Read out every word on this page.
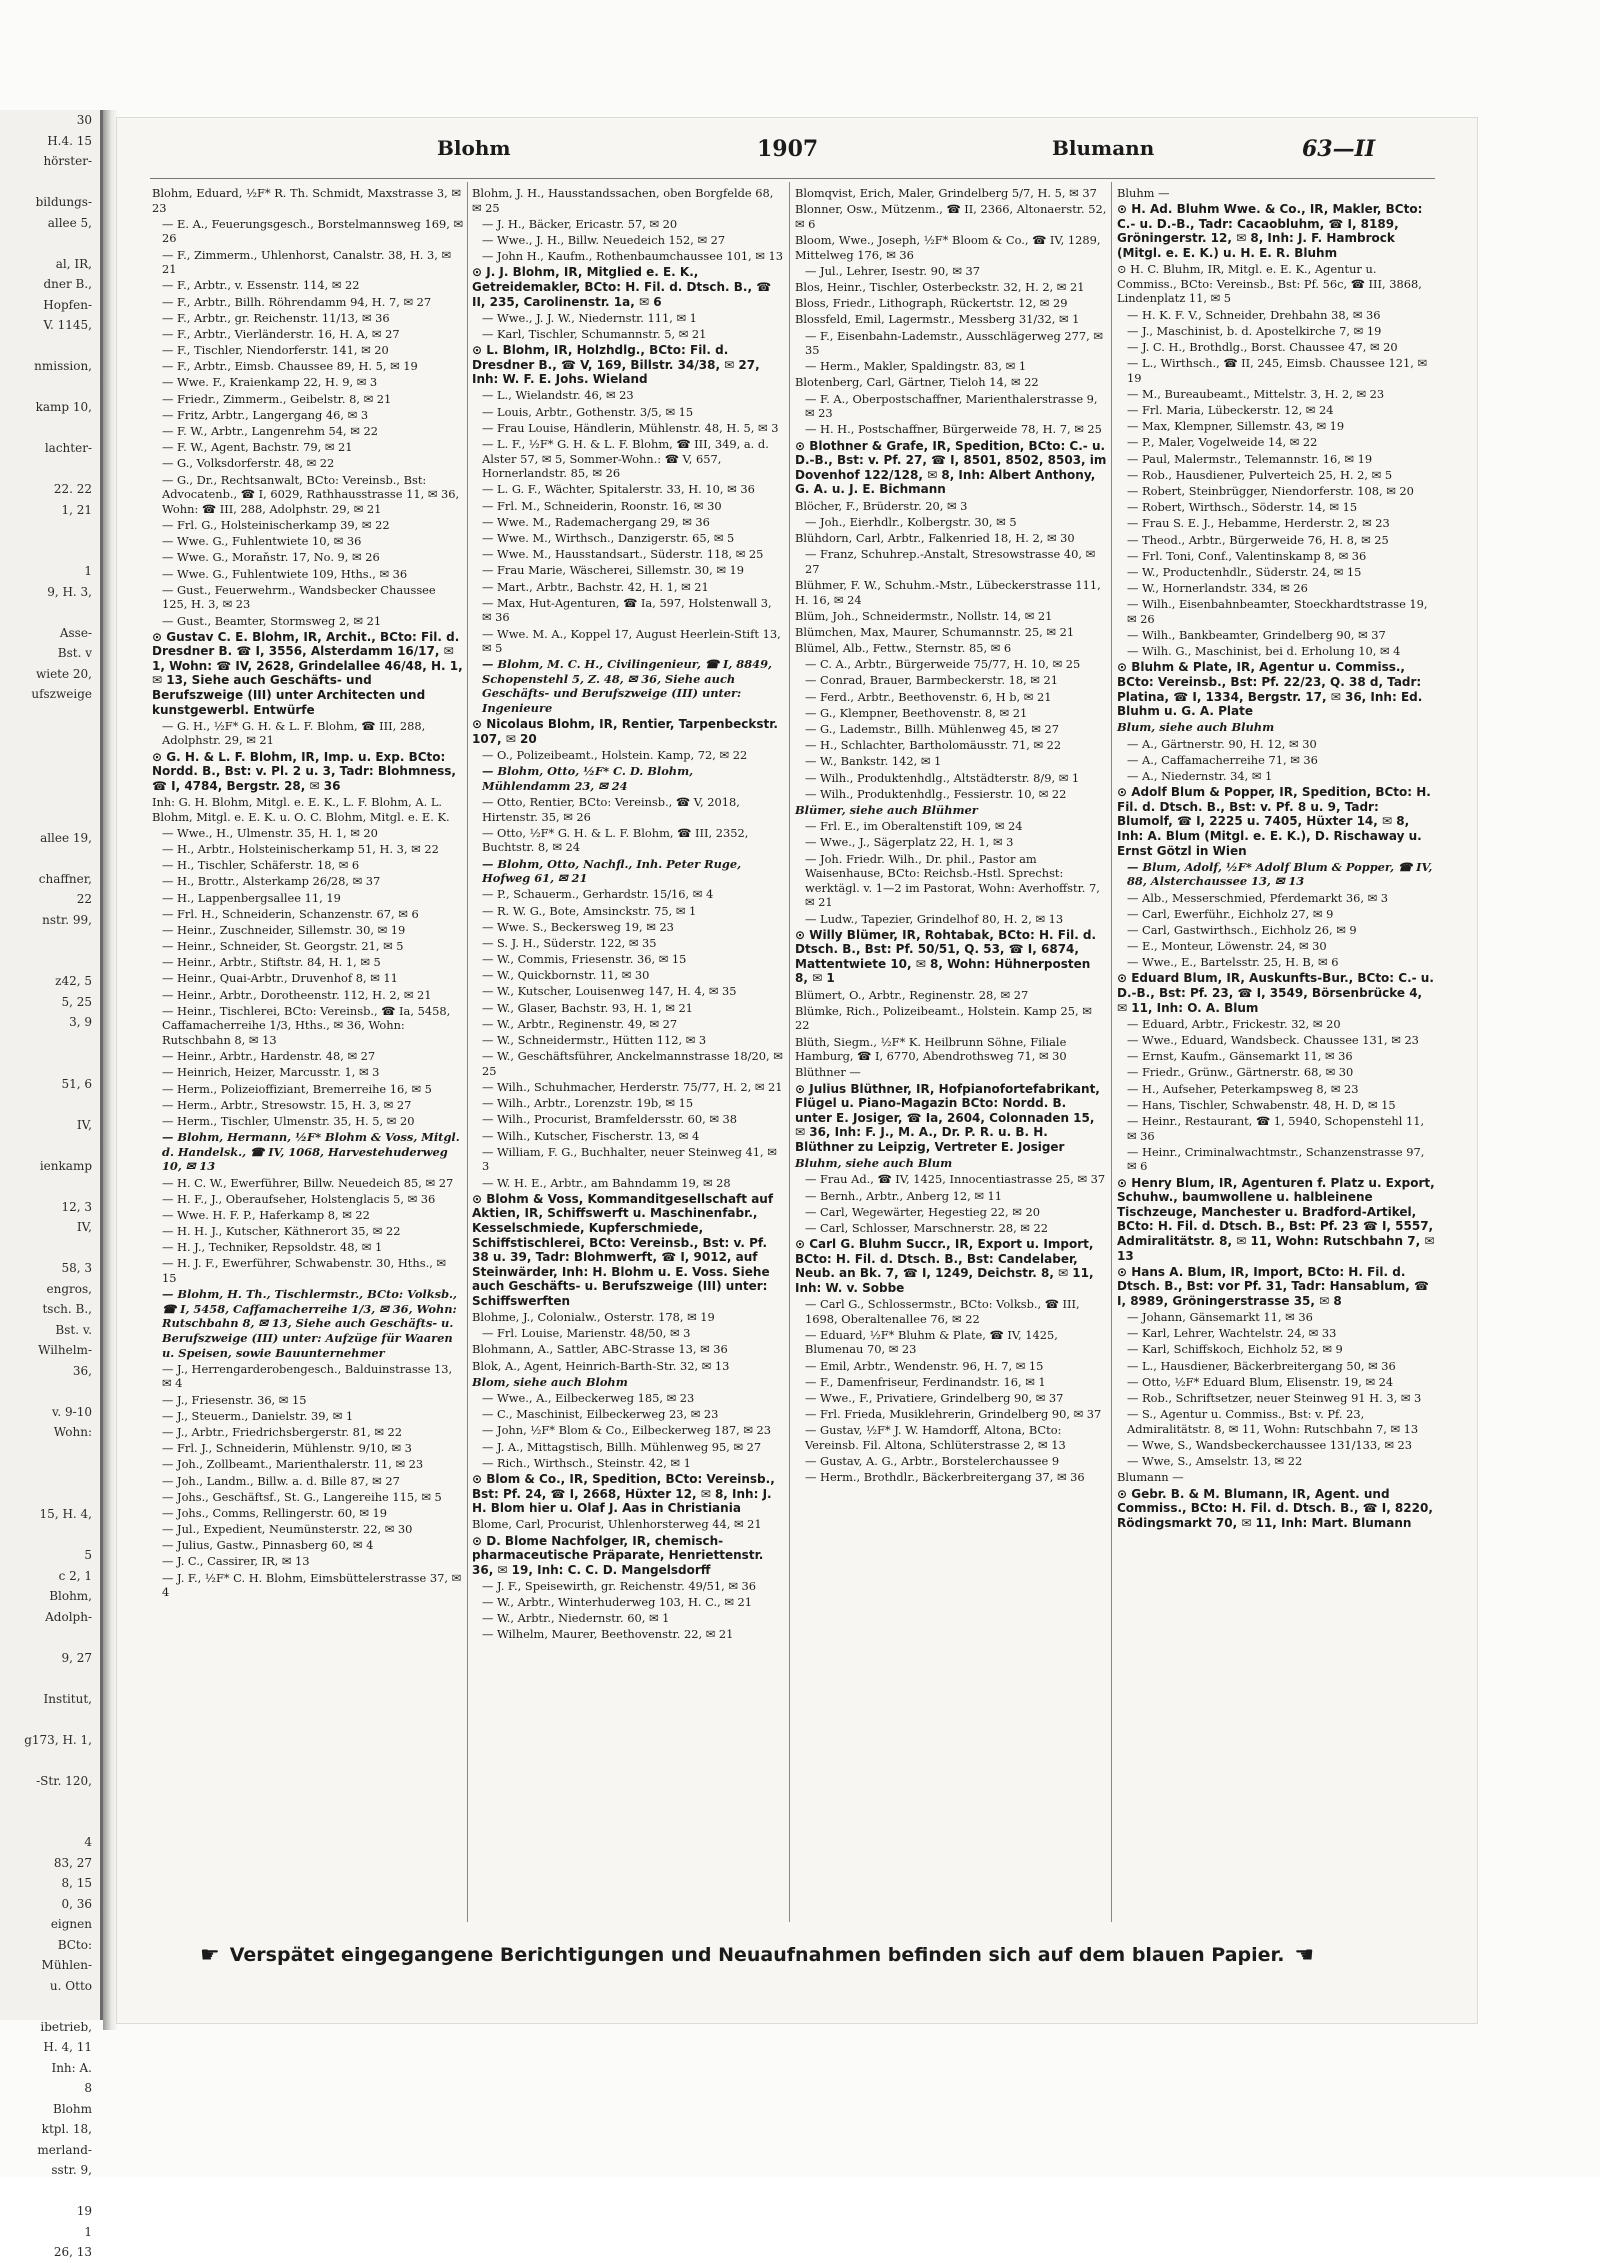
30
H.4. 15
hörster-

bildungs-
allee 5,

al, IR,
dner B.,
Hopfen-
V. 1145,

nmission,

kamp 10,

lachter-

22. 22
1, 21

1
9, H. 3,

Asse-
Bst. v
wiete 20,
ufszweige

allee 19,

chaffner,
22
nstr. 99,

z42, 5
5, 25
3, 9

51, 6

IV,

ienkamp

12, 3
IV,

58, 3
engros,
tsch. B.,
Bst. v.
Wilhelm-
36,

v. 9-10
Wohn:

15, H. 4,

5
c 2, 1
Blohm,
Adolph-

9, 27

Institut,

g173, H. 1,

-Str. 120,

4
83, 27
8, 15
0, 36
eignen
BCto:
Mühlen-
u. Otto

ibetrieb,
H. 4, 11
Inh: A.
8
Blohm
ktpl. 18,
merland-
sstr. 9,

19
1
26, 13
Blohm	1907	Blumann	63—II
Blohm, Eduard, ½F* R. Th. Schmidt, Maxstrasse 3, ✉ 23
— E. A., Feuerungsgesch., Borstelmannsweg 169, ✉ 26
— F., Zimmerm., Uhlenhorst, Canalstr. 38, H. 3, ✉ 21
— F., Arbtr., v. Essenstr. 114, ✉ 22
— F., Arbtr., Billh. Röhrendamm 94, H. 7, ✉ 27
— F., Arbtr., gr. Reichenstr. 11/13, ✉ 36
— F., Arbtr., Vierländerstr. 16, H. A, ✉ 27
— F., Tischler, Niendorferstr. 141, ✉ 20
— F., Arbtr., Eimsb. Chaussee 89, H. 5, ✉ 19
— Wwe. F., Kraienkamp 22, H. 9, ✉ 3
— Friedr., Zimmerm., Geibelstr. 8, ✉ 21
— Fritz, Arbtr., Langergang 46, ✉ 3
— F. W., Arbtr., Langenrehm 54, ✉ 22
— F. W., Agent, Bachstr. 79, ✉ 21
— G., Volksdorferstr. 48, ✉ 22
— G., Dr., Rechtsanwalt, BCto: Vereinsb., Bst: Advocatenb., ☎ I, 6029, Rathhausstrasse 11, ✉ 36, Wohn: ☎ III, 288, Adolphstr. 29, ✉ 21
— Frl. G., Holsteinischerkamp 39, ✉ 22
— Wwe. G., Fuhlentwiete 10, ✉ 36
— Wwe. G., Moraňstr. 17, No. 9, ✉ 26
— Wwe. G., Fuhlentwiete 109, Hths., ✉ 36
— Gust., Feuerwehrm., Wandsbecker Chaussee 125, H. 3, ✉ 23
— Gust., Beamter, Stormsweg 2, ✉ 21
⊙ Gustav C. E. Blohm, IR, Archit., BCto: Fil. d. Dresdner B. ☎ I, 3556, Alsterdamm 16/17, ✉ 1, Wohn: ☎ IV, 2628, Grindelallee 46/48, H. 1, ✉ 13, Siehe auch Geschäfts- und Berufszweige (III) unter Architecten und kunstgewerbl. Entwürfe
— G. H., ½F* G. H. & L. F. Blohm, ☎ III, 288, Adolphstr. 29, ✉ 21
⊙ G. H. & L. F. Blohm, IR, Imp. u. Exp. BCto: Nordd. B., Bst: v. Pl. 2 u. 3, Tadr: Blohmness, ☎ I, 4784, Bergstr. 28, ✉ 36
Inh: G. H. Blohm, Mitgl. e. E. K., L. F. Blohm, A. L. Blohm, Mitgl. e. E. K. u. O. C. Blohm, Mitgl. e. E. K.
— Wwe., H., Ulmenstr. 35, H. 1, ✉ 20
— H., Arbtr., Holsteinischerkamp 51, H. 3, ✉ 22
— H., Tischler, Schäferstr. 18, ✉ 6
— H., Brottr., Alsterkamp 26/28, ✉ 37
— H., Lappenbergsallee 11, 19
— Frl. H., Schneiderin, Schanzenstr. 67, ✉ 6
— Heinr., Zuschneider, Sillemstr. 30, ✉ 19
— Heinr., Schneider, St. Georgstr. 21, ✉ 5
— Heinr., Arbtr., Stiftstr. 84, H. 1, ✉ 5
— Heinr., Quai-Arbtr., Druvenhof 8, ✉ 11
— Heinr., Arbtr., Dorotheenstr. 112, H. 2, ✉ 21
— Heinr., Tischlerei, BCto: Vereinsb., ☎ Ia, 5458, Caffamacherreihe 1/3, Hths., ✉ 36, Wohn: Rutschbahn 8, ✉ 13
— Heinr., Arbtr., Hardenstr. 48, ✉ 27
— Heinrich, Heizer, Marcusstr. 1, ✉ 3
— Herm., Polizeioffiziant, Bremerreihe 16, ✉ 5
— Herm., Arbtr., Stresowstr. 15, H. 3, ✉ 27
— Herm., Tischler, Ulmenstr. 35, H. 5, ✉ 20
— Blohm, Hermann, ½F* Blohm & Voss, Mitgl. d. Handelsk., ☎ IV, 1068, Harvestehuderweg 10, ✉ 13
— H. C. W., Ewerführer, Billw. Neuedeich 85, ✉ 27
— H. F., J., Oberaufseher, Holstenglacis 5, ✉ 36
— Wwe. H. F. P., Haferkamp 8, ✉ 22
— H. H. J., Kutscher, Käthnerort 35, ✉ 22
— H. J., Techniker, Repsoldstr. 48, ✉ 1
— H. J. F., Ewerführer, Schwabenstr. 30, Hths., ✉ 15
— Blohm, H. Th., Tischlermstr., BCto: Volksb., ☎ I, 5458, Caffamacherreihe 1/3, ✉ 36, Wohn: Rutschbahn 8, ✉ 13, Siehe auch Geschäfts- u. Berufszweige (III) unter: Aufzüge für Waaren u. Speisen, sowie Bauunternehmer
— J., Herrengarderobengesch., Balduinstrasse 13, ✉ 4
— J., Friesenstr. 36, ✉ 15
— J., Steuerm., Danielstr. 39, ✉ 1
— J., Arbtr., Friedrichsbergerstr. 81, ✉ 22
— Frl. J., Schneiderin, Mühlenstr. 9/10, ✉ 3
— Joh., Zollbeamt., Marienthalerstr. 11, ✉ 23
— Joh., Landm., Billw. a. d. Bille 87, ✉ 27
— Johs., Geschäftsf., St. G., Langereihe 115, ✉ 5
— Johs., Comms, Rellingerstr. 60, ✉ 19
— Jul., Expedient, Neumünsterstr. 22, ✉ 30
— Julius, Gastw., Pinnasberg 60, ✉ 4
— J. C., Cassirer, IR, ✉ 13
— J. F., ½F* C. H. Blohm, Eimsbüttelerstrasse 37, ✉ 4
Blohm, J. H., Hausstandssachen, oben Borgfelde 68, ✉ 25
— J. H., Bäcker, Ericastr. 57, ✉ 20
— Wwe., J. H., Billw. Neuedeich 152, ✉ 27
— John H., Kaufm., Rothenbaumchaussee 101, ✉ 13
⊙ J. J. Blohm, IR, Mitglied e. E. K., Getreidemakler, BCto: H. Fil. d. Dtsch. B., ☎ II, 235, Carolinenstr. 1a, ✉ 6
— Wwe., J. J. W., Niedernstr. 111, ✉ 1
— Karl, Tischler, Schumannstr. 5, ✉ 21
⊙ L. Blohm, IR, Holzhdlg., BCto: Fil. d. Dresdner B., ☎ V, 169, Billstr. 34/38, ✉ 27, Inh: W. F. E. Johs. Wieland
— L., Wielandstr. 46, ✉ 23
— Louis, Arbtr., Gothenstr. 3/5, ✉ 15
— Frau Louise, Händlerin, Mühlenstr. 48, H. 5, ✉ 3
— L. F., ½F* G. H. & L. F. Blohm, ☎ III, 349, a. d. Alster 57, ✉ 5, Sommer-Wohn.: ☎ V, 657, Hornerlandstr. 85, ✉ 26
— L. G. F., Wächter, Spitalerstr. 33, H. 10, ✉ 36
— Frl. M., Schneiderin, Roonstr. 16, ✉ 30
— Wwe. M., Rademachergang 29, ✉ 36
— Wwe. M., Wirthsch., Danzigerstr. 65, ✉ 5
— Wwe. M., Hausstandsart., Süderstr. 118, ✉ 25
— Frau Marie, Wäscherei, Sillemstr. 30, ✉ 19
— Mart., Arbtr., Bachstr. 42, H. 1, ✉ 21
— Max, Hut-Agenturen, ☎ Ia, 597, Holstenwall 3, ✉ 36
— Wwe. M. A., Koppel 17, August Heerlein-Stift 13, ✉ 5
— Blohm, M. C. H., Civilingenieur, ☎ I, 8849, Schopenstehl 5, Z. 48, ✉ 36, Siehe auch Geschäfts- und Berufszweige (III) unter: Ingenieure
⊙ Nicolaus Blohm, IR, Rentier, Tarpenbeckstr. 107, ✉ 20
— O., Polizeibeamt., Holstein. Kamp, 72, ✉ 22
— Blohm, Otto, ½F* C. D. Blohm, Mühlendamm 23, ✉ 24
— Otto, Rentier, BCto: Vereinsb., ☎ V, 2018, Hirtenstr. 35, ✉ 26
— Otto, ½F* G. H. & L. F. Blohm, ☎ III, 2352, Buchtstr. 8, ✉ 24
— Blohm, Otto, Nachfl., Inh. Peter Ruge, Hofweg 61, ✉ 21
— P., Schauerm., Gerhardstr. 15/16, ✉ 4
— R. W. G., Bote, Amsinckstr. 75, ✉ 1
— Wwe. S., Beckersweg 19, ✉ 23
— S. J. H., Süderstr. 122, ✉ 35
— W., Commis, Friesenstr. 36, ✉ 15
— W., Quickbornstr. 11, ✉ 30
— W., Kutscher, Louisenweg 147, H. 4, ✉ 35
— W., Glaser, Bachstr. 93, H. 1, ✉ 21
— W., Arbtr., Reginenstr. 49, ✉ 27
— W., Schneidermstr., Hütten 112, ✉ 3
— W., Geschäftsführer, Anckelmannstrasse 18/20, ✉ 25
— Wilh., Schuhmacher, Herderstr. 75/77, H. 2, ✉ 21
— Wilh., Arbtr., Lorenzstr. 19b, ✉ 15
— Wilh., Procurist, Bramfeldersstr. 60, ✉ 38
— Wilh., Kutscher, Fischerstr. 13, ✉ 4
— William, F. G., Buchhalter, neuer Steinweg 41, ✉ 3
— W. H. E., Arbtr., am Bahndamm 19, ✉ 28
⊙ Blohm & Voss, Kommanditgesellschaft auf Aktien, IR, Schiffswerft u. Maschinenfabr., Kesselschmiede, Kupferschmiede, Schiffstischlerei, BCto: Vereinsb., Bst: v. Pf. 38 u. 39, Tadr: Blohmwerft, ☎ I, 9012, auf Steinwärder, Inh: H. Blohm u. E. Voss. Siehe auch Geschäfts- u. Berufszweige (III) unter: Schiffswerften
Blohme, J., Colonialw., Osterstr. 178, ✉ 19
— Frl. Louise, Marienstr. 48/50, ✉ 3
Blohmann, A., Sattler, ABC-Strasse 13, ✉ 36
Blok, A., Agent, Heinrich-Barth-Str. 32, ✉ 13
Blom, siehe auch Blohm
— Wwe., A., Eilbeckerweg 185, ✉ 23
— C., Maschinist, Eilbeckerweg 23, ✉ 23
— John, ½F* Blom & Co., Eilbeckerweg 187, ✉ 23
— J. A., Mittagstisch, Billh. Mühlenweg 95, ✉ 27
— Rich., Wirthsch., Steinstr. 42, ✉ 1
⊙ Blom & Co., IR, Spedition, BCto: Vereinsb., Bst: Pf. 24, ☎ I, 2668, Hüxter 12, ✉ 8, Inh: J. H. Blom hier u. Olaf J. Aas in Christiania
Blome, Carl, Procurist, Uhlenhorsterweg 44, ✉ 21
⊙ D. Blome Nachfolger, IR, chemisch-pharmaceutische Präparate, Henriettenstr. 36, ✉ 19, Inh: C. C. D. Mangelsdorff
— J. F., Speisewirth, gr. Reichenstr. 49/51, ✉ 36
— W., Arbtr., Winterhuderweg 103, H. C., ✉ 21
— W., Arbtr., Niedernstr. 60, ✉ 1
— Wilhelm, Maurer, Beethovenstr. 22, ✉ 21
Blomqvist, Erich, Maler, Grindelberg 5/7, H. 5, ✉ 37
Blonner, Osw., Mützenm., ☎ II, 2366, Altonaerstr. 52, ✉ 6
Bloom, Wwe., Joseph, ½F* Bloom & Co., ☎ IV, 1289, Mittelweg 176, ✉ 36
— Jul., Lehrer, Isestr. 90, ✉ 37
Blos, Heinr., Tischler, Osterbeckstr. 32, H. 2, ✉ 21
Bloss, Friedr., Lithograph, Rückertstr. 12, ✉ 29
Blossfeld, Emil, Lagermstr., Messberg 31/32, ✉ 1
— F., Eisenbahn-Lademstr., Ausschlägerweg 277, ✉ 35
— Herm., Makler, Spaldingstr. 83, ✉ 1
Blotenberg, Carl, Gärtner, Tieloh 14, ✉ 22
— F. A., Oberpostschaffner, Marienthalerstrasse 9, ✉ 23
— H. H., Postschaffner, Bürgerweide 78, H. 7, ✉ 25
⊙ Blothner & Grafe, IR, Spedition, BCto: C.- u. D.-B., Bst: v. Pf. 27, ☎ I, 8501, 8502, 8503, im Dovenhof 122/128, ✉ 8, Inh: Albert Anthony, G. A. u. J. E. Bichmann
Blöcher, F., Brüderstr. 20, ✉ 3
— Joh., Eierhdlr., Kolbergstr. 30, ✉ 5
Blühdorn, Carl, Arbtr., Falkenried 18, H. 2, ✉ 30
— Franz, Schuhrep.-Anstalt, Stresowstrasse 40, ✉ 27
Blühmer, F. W., Schuhm.-Mstr., Lübeckerstrasse 111, H. 16, ✉ 24
Blüm, Joh., Schneidermstr., Nollstr. 14, ✉ 21
Blümchen, Max, Maurer, Schumannstr. 25, ✉ 21
Blümel, Alb., Fettw., Sternstr. 85, ✉ 6
— C. A., Arbtr., Bürgerweide 75/77, H. 10, ✉ 25
— Conrad, Brauer, Barmbeckerstr. 18, ✉ 21
— Ferd., Arbtr., Beethovenstr. 6, H b, ✉ 21
— G., Klempner, Beethovenstr. 8, ✉ 21
— G., Lademstr., Billh. Mühlenweg 45, ✉ 27
— H., Schlachter, Bartholomäusstr. 71, ✉ 22
— W., Bankstr. 142, ✉ 1
— Wilh., Produktenhdlg., Altstädterstr. 8/9, ✉ 1
— Wilh., Produktenhdlg., Fessierstr. 10, ✉ 22
Blümer, siehe auch Blühmer
— Frl. E., im Oberaltenstift 109, ✉ 24
— Wwe., J., Sägerplatz 22, H. 1, ✉ 3
— Joh. Friedr. Wilh., Dr. phil., Pastor am Waisenhause, BCto: Reichsb.-Hstl. Sprechst: werktägl. v. 1—2 im Pastorat, Wohn: Averhoffstr. 7, ✉ 21
— Ludw., Tapezier, Grindelhof 80, H. 2, ✉ 13
⊙ Willy Blümer, IR, Rohtabak, BCto: H. Fil. d. Dtsch. B., Bst: Pf. 50/51, Q. 53, ☎ I, 6874, Mattentwiete 10, ✉ 8, Wohn: Hühnerposten 8, ✉ 1
Blümert, O., Arbtr., Reginenstr. 28, ✉ 27
Blümke, Rich., Polizeibeamt., Holstein. Kamp 25, ✉ 22
Blüth, Siegm., ½F* K. Heilbrunn Söhne, Filiale Hamburg, ☎ I, 6770, Abendrothsweg 71, ✉ 30
Blüthner —
⊙ Julius Blüthner, IR, Hofpianofortefabrikant, Flügel u. Piano-Magazin BCto: Nordd. B. unter E. Josiger, ☎ Ia, 2604, Colonnaden 15, ✉ 36, Inh: F. J., M. A., Dr. P. R. u. B. H. Blüthner zu Leipzig, Vertreter E. Josiger
Bluhm, siehe auch Blum
— Frau Ad., ☎ IV, 1425, Innocentiastrasse 25, ✉ 37
— Bernh., Arbtr., Anberg 12, ✉ 11
— Carl, Wegewärter, Hegestieg 22, ✉ 20
— Carl, Schlosser, Marschnerstr. 28, ✉ 22
⊙ Carl G. Bluhm Succr., IR, Export u. Import, BCto: H. Fil. d. Dtsch. B., Bst: Candelaber, Neub. an Bk. 7, ☎ I, 1249, Deichstr. 8, ✉ 11, Inh: W. v. Sobbe
— Carl G., Schlossermstr., BCto: Volksb., ☎ III, 1698, Oberaltenallee 76, ✉ 22
— Eduard, ½F* Bluhm & Plate, ☎ IV, 1425, Blumenau 70, ✉ 23
— Emil, Arbtr., Wendenstr. 96, H. 7, ✉ 15
— F., Damenfriseur, Ferdinandstr. 16, ✉ 1
— Wwe., F., Privatiere, Grindelberg 90, ✉ 37
— Frl. Frieda, Musiklehrerin, Grindelberg 90, ✉ 37
— Gustav, ½F* J. W. Hamdorff, Altona, BCto: Vereinsb. Fil. Altona, Schlüterstrasse 2, ✉ 13
— Gustav, A. G., Arbtr., Borstelerchaussee 9
— Herm., Brothdlr., Bäckerbreitergang 37, ✉ 36
Bluhm —
⊙ H. Ad. Bluhm Wwe. & Co., IR, Makler, BCto: C.- u. D.-B., Tadr: Cacaobluhm, ☎ I, 8189, Gröningerstr. 12, ✉ 8, Inh: J. F. Hambrock (Mitgl. e. E. K.) u. H. E. R. Bluhm
⊙ H. C. Bluhm, IR, Mitgl. e. E. K., Agentur u. Commiss., BCto: Vereinsb., Bst: Pf. 56c, ☎ III, 3868, Lindenplatz 11, ✉ 5
— H. K. F. V., Schneider, Drehbahn 38, ✉ 36
— J., Maschinist, b. d. Apostelkirche 7, ✉ 19
— J. C. H., Brothdlg., Borst. Chaussee 47, ✉ 20
— L., Wirthsch., ☎ II, 245, Eimsb. Chaussee 121, ✉ 19
— M., Bureaubeamt., Mittelstr. 3, H. 2, ✉ 23
— Frl. Maria, Lübeckerstr. 12, ✉ 24
— Max, Klempner, Sillemstr. 43, ✉ 19
— P., Maler, Vogelweide 14, ✉ 22
— Paul, Malermstr., Telemannstr. 16, ✉ 19
— Rob., Hausdiener, Pulverteich 25, H. 2, ✉ 5
— Robert, Steinbrügger, Niendorferstr. 108, ✉ 20
— Robert, Wirthsch., Söderstr. 14, ✉ 15
— Frau S. E. J., Hebamme, Herderstr. 2, ✉ 23
— Theod., Arbtr., Bürgerweide 76, H. 8, ✉ 25
— Frl. Toni, Conf., Valentinskamp 8, ✉ 36
— W., Productenhdlr., Süderstr. 24, ✉ 15
— W., Hornerlandstr. 334, ✉ 26
— Wilh., Eisenbahnbeamter, Stoeckhardtstrasse 19, ✉ 26
— Wilh., Bankbeamter, Grindelberg 90, ✉ 37
— Wilh. G., Maschinist, bei d. Erholung 10, ✉ 4
⊙ Bluhm & Plate, IR, Agentur u. Commiss., BCto: Vereinsb., Bst: Pf. 22/23, Q. 38 d, Tadr: Platina, ☎ I, 1334, Bergstr. 17, ✉ 36, Inh: Ed. Bluhm u. G. A. Plate
Blum, siehe auch Bluhm
— A., Gärtnerstr. 90, H. 12, ✉ 30
— A., Caffamacherreihe 71, ✉ 36
— A., Niedernstr. 34, ✉ 1
⊙ Adolf Blum & Popper, IR, Spedition, BCto: H. Fil. d. Dtsch. B., Bst: v. Pf. 8 u. 9, Tadr: Blumolf, ☎ I, 2225 u. 7405, Hüxter 14, ✉ 8, Inh: A. Blum (Mitgl. e. E. K.), D. Rischaway u. Ernst Götzl in Wien
— Blum, Adolf, ½F* Adolf Blum & Popper, ☎ IV, 88, Alsterchaussee 13, ✉ 13
— Alb., Messerschmied, Pferdemarkt 36, ✉ 3
— Carl, Ewerführ., Eichholz 27, ✉ 9
— Carl, Gastwirthsch., Eichholz 26, ✉ 9
— E., Monteur, Löwenstr. 24, ✉ 30
— Wwe., E., Bartelsstr. 25, H. B, ✉ 6
⊙ Eduard Blum, IR, Auskunfts-Bur., BCto: C.- u. D.-B., Bst: Pf. 23, ☎ I, 3549, Börsenbrücke 4, ✉ 11, Inh: O. A. Blum
— Eduard, Arbtr., Frickestr. 32, ✉ 20
— Wwe., Eduard, Wandsbeck. Chaussee 131, ✉ 23
— Ernst, Kaufm., Gänsemarkt 11, ✉ 36
— Friedr., Grünw., Gärtnerstr. 68, ✉ 30
— H., Aufseher, Peterkampsweg 8, ✉ 23
— Hans, Tischler, Schwabenstr. 48, H. D, ✉ 15
— Heinr., Restaurant, ☎ 1, 5940, Schopenstehl 11, ✉ 36
— Heinr., Criminalwachtmstr., Schanzenstrasse 97, ✉ 6
⊙ Henry Blum, IR, Agenturen f. Platz u. Export, Schuhw., baumwollene u. halbleinene Tischzeuge, Manchester u. Bradford-Artikel, BCto: H. Fil. d. Dtsch. B., Bst: Pf. 23 ☎ I, 5557, Admiralitätstr. 8, ✉ 11, Wohn: Rutschbahn 7, ✉ 13
⊙ Hans A. Blum, IR, Import, BCto: H. Fil. d. Dtsch. B., Bst: vor Pf. 31, Tadr: Hansablum, ☎ I, 8989, Gröningerstrasse 35, ✉ 8
— Johann, Gänsemarkt 11, ✉ 36
— Karl, Lehrer, Wachtelstr. 24, ✉ 33
— Karl, Schiffskoch, Eichholz 52, ✉ 9
— L., Hausdiener, Bäckerbreitergang 50, ✉ 36
— Otto, ½F* Eduard Blum, Elisenstr. 19, ✉ 24
— Rob., Schriftsetzer, neuer Steinweg 91 H. 3, ✉ 3
— S., Agentur u. Commiss., Bst: v. Pf. 23, Admiralitätstr. 8, ✉ 11, Wohn: Rutschbahn 7, ✉ 13
— Wwe, S., Wandsbeckerchaussee 131/133, ✉ 23
— Wwe, S., Amselstr. 13, ✉ 22
Blumann —
⊙ Gebr. B. & M. Blumann, IR, Agent. und Commiss., BCto: H. Fil. d. Dtsch. B., ☎ I, 8220, Rödingsmarkt 70, ✉ 11, Inh: Mart. Blumann
☛ Verspätet eingegangene Berichtigungen und Neuaufnahmen befinden sich auf dem blauen Papier. ☚
